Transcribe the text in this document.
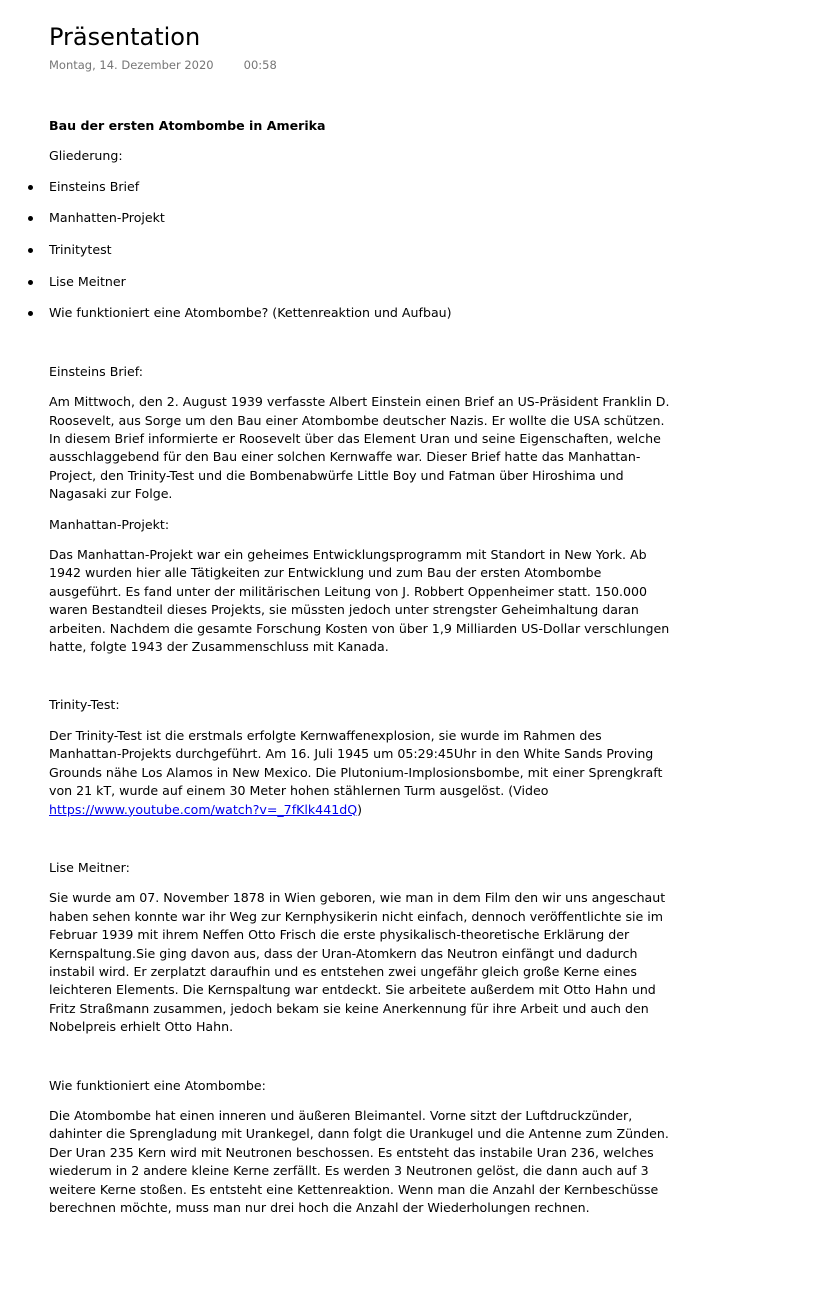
Präsentation
Montag, 14. Dezember 2020	00:58
Bau der ersten Atombombe in Amerika
Gliederung:
Einsteins Brief
Manhatten-Projekt
Trinitytest
Lise Meitner
Wie funktioniert eine Atombombe? (Kettenreaktion und Aufbau)
Einsteins Brief:
Am Mittwoch, den 2. August 1939 verfasste Albert Einstein einen Brief an US-Präsident Franklin D. Roosevelt, aus Sorge um den Bau einer Atombombe deutscher Nazis. Er wollte die USA schützen. In diesem Brief informierte er Roosevelt über das Element Uran und seine Eigenschaften, welche ausschlaggebend für den Bau einer solchen Kernwaffe war. Dieser Brief hatte das Manhattan-Project, den Trinity-Test und die Bombenabwürfe Little Boy und Fatman über Hiroshima und Nagasaki zur Folge.
Manhattan-Projekt:
Das Manhattan-Projekt war ein geheimes Entwicklungsprogramm mit Standort in New York. Ab 1942 wurden hier alle Tätigkeiten zur Entwicklung und zum Bau der ersten Atombombe ausgeführt. Es fand unter der militärischen Leitung von J. Robbert Oppenheimer statt. 150.000 waren Bestandteil dieses Projekts, sie müssten jedoch unter strengster Geheimhaltung daran arbeiten. Nachdem die gesamte Forschung Kosten von über 1,9 Milliarden US-Dollar verschlungen hatte, folgte 1943 der Zusammenschluss mit Kanada.
Trinity-Test:
Der Trinity-Test ist die erstmals erfolgte Kernwaffenexplosion, sie wurde im Rahmen des Manhattan-Projekts durchgeführt. Am 16. Juli 1945 um 05:29:45Uhr in den White Sands Proving Grounds nähe Los Alamos in New Mexico. Die Plutonium-Implosionsbombe, mit einer Sprengkraft von 21 kT, wurde auf einem 30 Meter hohen stählernen Turm ausgelöst. (Video https://www.youtube.com/watch?v=_7fKlk441dQ)
Lise Meitner:
Sie wurde am 07. November 1878 in Wien geboren, wie man in dem Film den wir uns angeschaut haben sehen konnte war ihr Weg zur Kernphysikerin nicht einfach, dennoch veröffentlichte sie im Februar 1939 mit ihrem Neffen Otto Frisch die erste physikalisch-theoretische Erklärung der Kernspaltung.Sie ging davon aus, dass der Uran-Atomkern das Neutron einfängt und dadurch instabil wird. Er zerplatzt daraufhin und es entstehen zwei ungefähr gleich große Kerne eines leichteren Elements. Die Kernspaltung war entdeckt. Sie arbeitete außerdem mit Otto Hahn und Fritz Straßmann zusammen, jedoch bekam sie keine Anerkennung für ihre Arbeit und auch den Nobelpreis erhielt Otto Hahn.
Wie funktioniert eine Atombombe:
Die Atombombe hat einen inneren und äußeren Bleimantel. Vorne sitzt der Luftdruckzünder, dahinter die Sprengladung mit Urankegel, dann folgt die Urankugel und die Antenne zum Zünden. Der Uran 235 Kern wird mit Neutronen beschossen. Es entsteht das instabile Uran 236, welches wiederum in 2 andere kleine Kerne zerfällt. Es werden 3 Neutronen gelöst, die dann auch auf 3 weitere Kerne stoßen. Es entsteht eine Kettenreaktion. Wenn man die Anzahl der Kernbeschüsse berechnen möchte, muss man nur drei hoch die Anzahl der Wiederholungen rechnen.
